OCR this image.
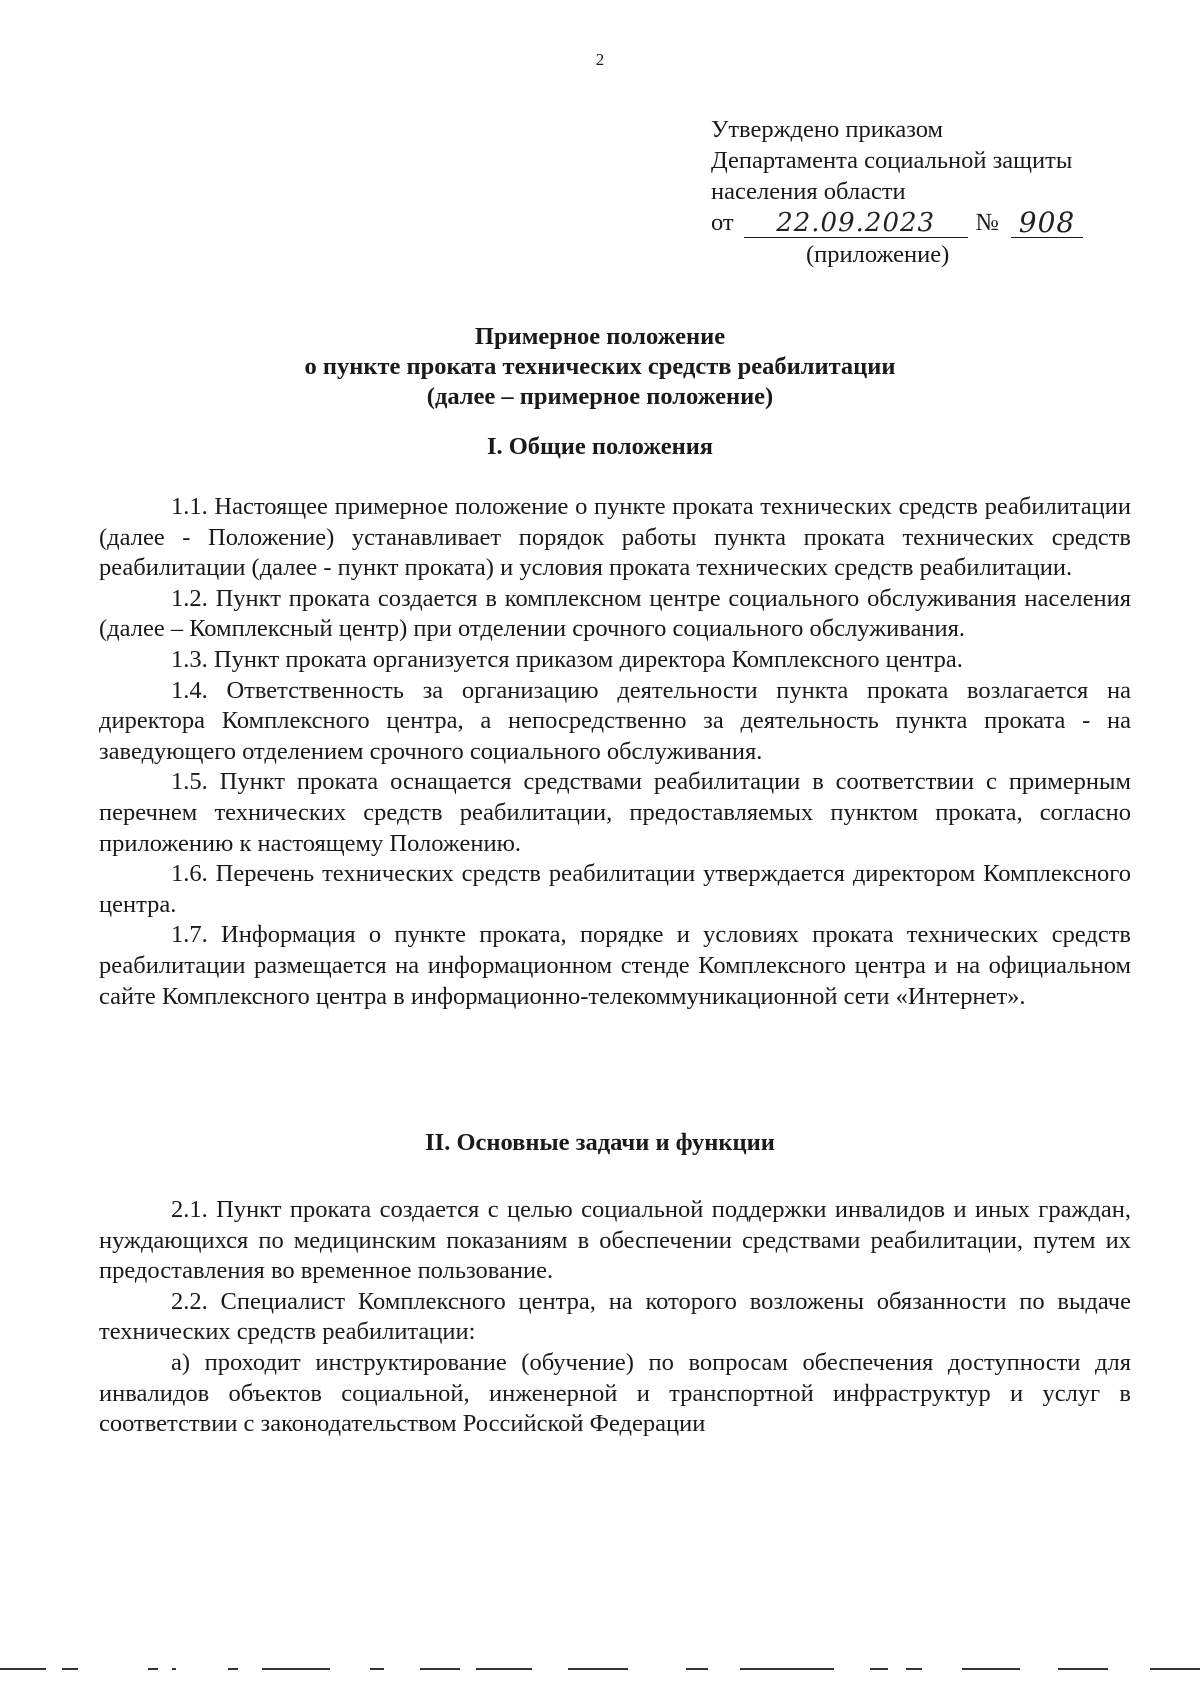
2
Утверждено приказом
Департамента социальной защиты
населения области
от	22.09.2023	№ 908
(приложение)
Примерное положение
о пункте проката технических средств реабилитации
(далее – примерное положение)
I. Общие положения

1.1. Настоящее примерное положение о пункте проката технических средств реабилитации (далее - Положение) устанавливает порядок работы пункта проката технических средств реабилитации (далее - пункт проката) и условия проката технических средств реабилитации.

1.2. Пункт проката создается в комплексном центре социального обслуживания населения (далее – Комплексный центр) при отделении срочного социального обслуживания.

1.3. Пункт проката организуется приказом директора Комплексного центра.

1.4. Ответственность за организацию деятельности пункта проката возлагается на директора Комплексного центра, а непосредственно за деятельность пункта проката - на заведующего отделением срочного социального обслуживания.

1.5. Пункт проката оснащается средствами реабилитации в соответствии с примерным перечнем технических средств реабилитации, предоставляемых пунктом проката, согласно приложению к настоящему Положению.

1.6. Перечень технических средств реабилитации утверждается директором Комплексного центра.

1.7. Информация о пункте проката, порядке и условиях проката технических средств реабилитации размещается на информационном стенде Комплексного центра и на официальном сайте Комплексного центра в информационно-телекоммуникационной сети «Интернет».

II. Основные задачи и функции

2.1. Пункт проката создается с целью социальной поддержки инвалидов и иных граждан, нуждающихся по медицинским показаниям в обеспечении средствами реабилитации, путем их предоставления во временное пользование.

2.2. Специалист Комплексного центра, на которого возложены обязанности по выдаче технических средств реабилитации:

а) проходит инструктирование (обучение) по вопросам обеспечения доступности для инвалидов объектов социальной, инженерной и транспортной инфраструктур и услуг в соответствии с законодательством Российской Федерации
